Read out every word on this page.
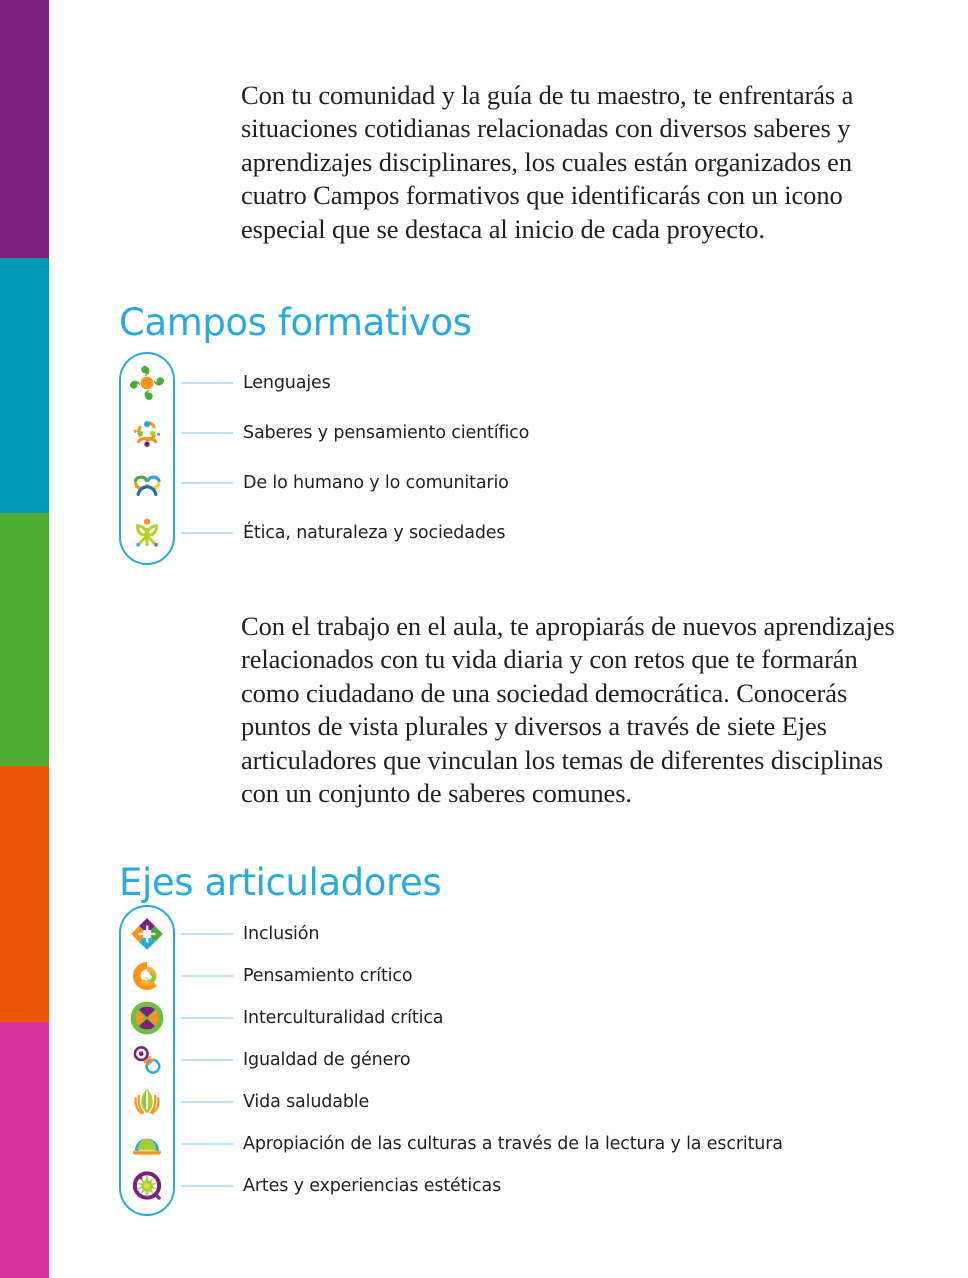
Con tu comunidad y la guía de tu maestro, te enfrentarás a situaciones cotidianas relacionadas con diversos saberes y aprendizajes disciplinares, los cuales están organizados en cuatro Campos formativos que identificarás con un icono especial que se destaca al inicio de cada proyecto.

Campos formativos
Lenguajes
Saberes y pensamiento científico
De lo humano y lo comunitario
Ética, naturaleza y sociedades

Con el trabajo en el aula, te apropiarás de nuevos aprendizajes relacionados con tu vida diaria y con retos que te formarán como ciudadano de una sociedad democrática. Conocerás puntos de vista plurales y diversos a través de siete Ejes articuladores que vinculan los temas de diferentes disciplinas con un conjunto de saberes comunes.

Ejes articuladores
Inclusión
Pensamiento crítico
Interculturalidad crítica
Igualdad de género
Vida saludable
Apropiación de las culturas a través de la lectura y la escritura
Artes y experiencias estéticas
